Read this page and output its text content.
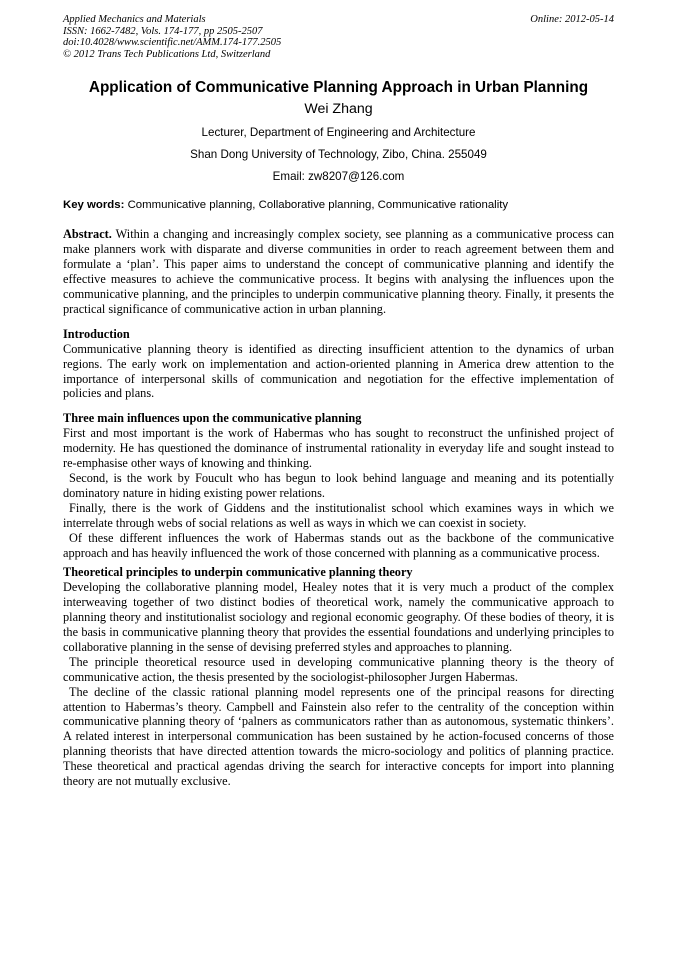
Applied Mechanics and Materials
ISSN: 1662-7482, Vols. 174-177, pp 2505-2507
doi:10.4028/www.scientific.net/AMM.174-177.2505
© 2012 Trans Tech Publications Ltd, Switzerland
Online: 2012-05-14
Application of Communicative Planning Approach in Urban Planning
Wei Zhang
Lecturer, Department of Engineering and Architecture
Shan Dong University of Technology, Zibo, China. 255049
Email: zw8207@126.com
Key words: Communicative planning, Collaborative planning, Communicative rationality

Abstract. Within a changing and increasingly complex society, see planning as a communicative process can make planners work with disparate and diverse communities in order to reach agreement between them and formulate a ‘plan’. This paper aims to understand the concept of communicative planning and identify the effective measures to achieve the communicative process. It begins with analysing the influences upon the communicative planning, and the principles to underpin communicative planning theory. Finally, it presents the practical significance of communicative action in urban planning.

Introduction

Communicative planning theory is identified as directing insufficient attention to the dynamics of urban regions. The early work on implementation and action-oriented planning in America drew attention to the importance of interpersonal skills of communication and negotiation for the effective implementation of policies and plans.

Three main influences upon the communicative planning

First and most important is the work of Habermas who has sought to reconstruct the unfinished project of modernity. He has questioned the dominance of instrumental rationality in everyday life and sought instead to re-emphasise other ways of knowing and thinking.

Second, is the work by Foucult who has begun to look behind language and meaning and its potentially dominatory nature in hiding existing power relations.

Finally, there is the work of Giddens and the institutionalist school which examines ways in which we interrelate through webs of social relations as well as ways in which we can coexist in society.

Of these different influences the work of Habermas stands out as the backbone of the communicative approach and has heavily influenced the work of those concerned with planning as a communicative process.

Theoretical principles to underpin communicative planning theory

Developing the collaborative planning model, Healey notes that it is very much a product of the complex interweaving together of two distinct bodies of theoretical work, namely the communicative approach to planning theory and institutionalist sociology and regional economic geography. Of these bodies of theory, it is the basis in communicative planning theory that provides the essential foundations and underlying principles to collaborative planning in the sense of devising preferred styles and approaches to planning.

The principle theoretical resource used in developing communicative planning theory is the theory of communicative action, the thesis presented by the sociologist-philosopher Jurgen Habermas.

The decline of the classic rational planning model represents one of the principal reasons for directing attention to Habermas’s theory. Campbell and Fainstein also refer to the centrality of the conception within communicative planning theory of ‘palners as communicators rather than as autonomous, systematic thinkers’. A related interest in interpersonal communication has been sustained by he action-focused concerns of those planning theorists that have directed attention towards the micro-sociology and politics of planning practice. These theoretical and practical agendas driving the search for interactive concepts for import into planning theory are not mutually exclusive.
